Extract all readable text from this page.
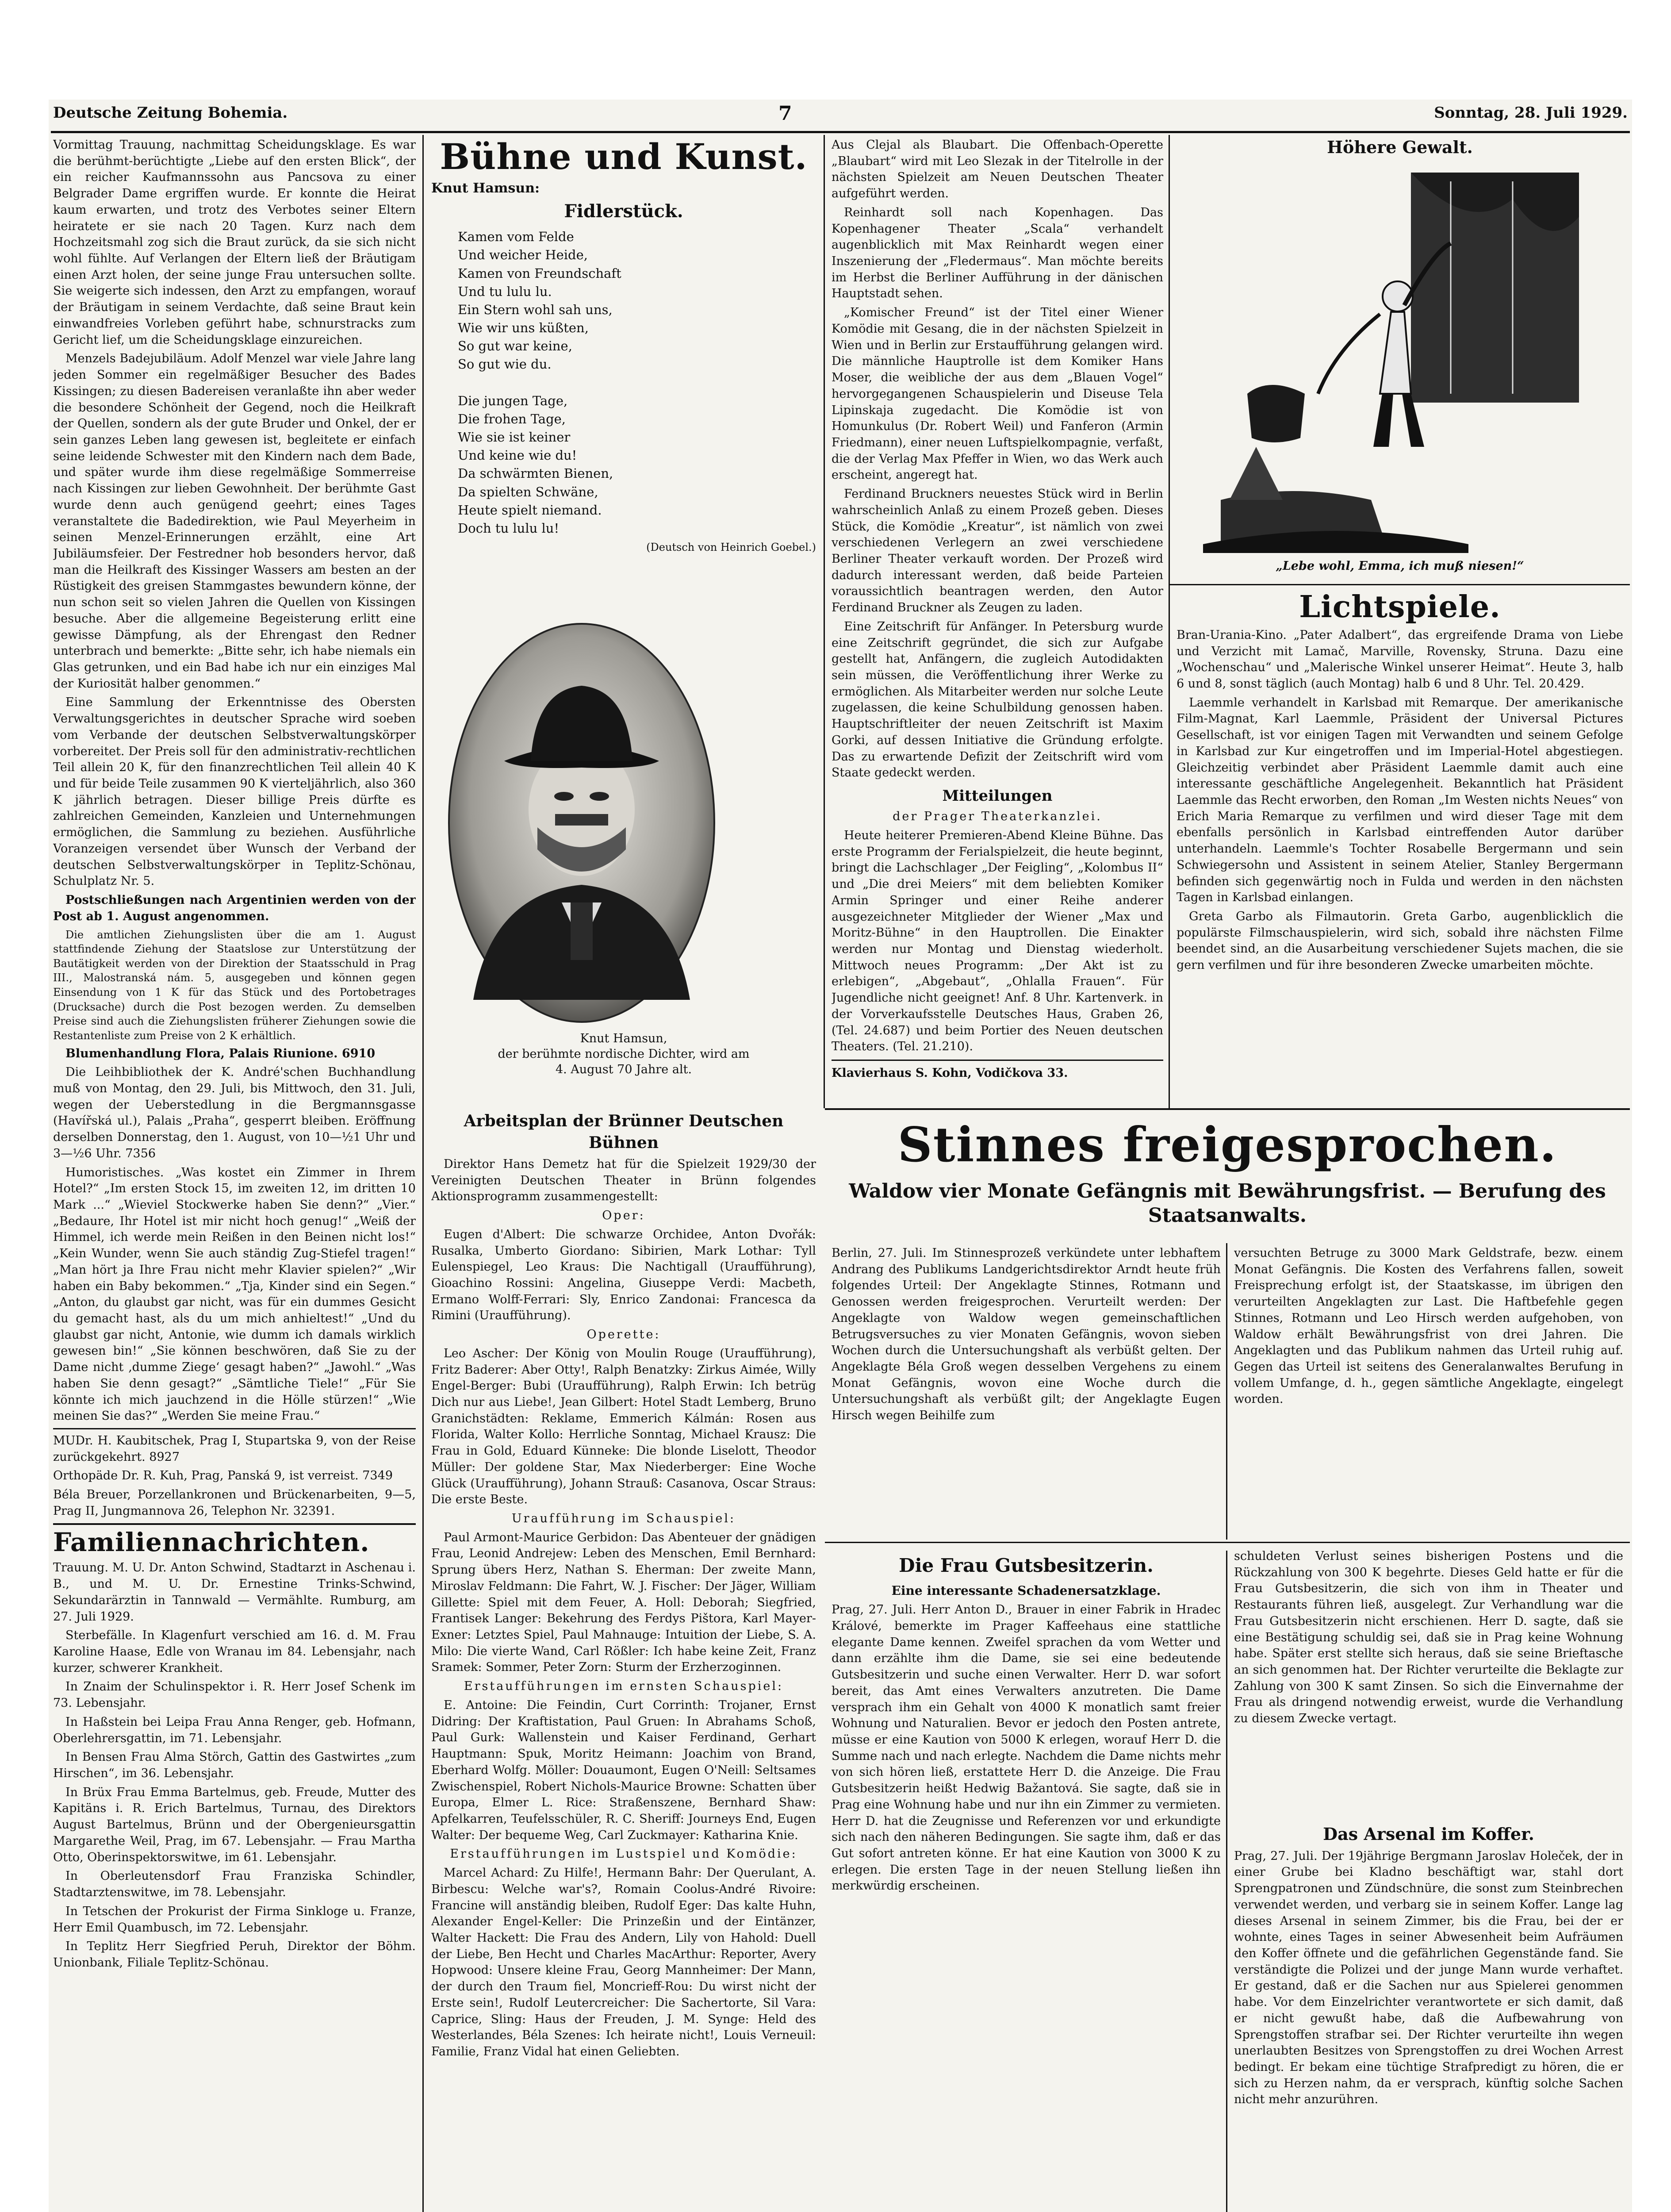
Deutsche Zeitung Bohemia.	7	Sonntag, 28. Juli 1929.

Vormittag Trauung, nachmittag Scheidungsklage. Es war die berühmt-berüchtigte „Liebe auf den ersten Blick“, der ein reicher Kaufmannssohn aus Pancsova zu einer Belgrader Dame ergriffen wurde. Er konnte die Heirat kaum erwarten, und trotz des Verbotes seiner Eltern heiratete er sie nach 20 Tagen. Kurz nach dem Hochzeitsmahl zog sich die Braut zurück, da sie sich nicht wohl fühlte. Auf Verlangen der Eltern ließ der Bräutigam einen Arzt holen, der seine junge Frau untersuchen sollte. Sie weigerte sich indessen, den Arzt zu empfangen, worauf der Bräutigam in seinem Verdachte, daß seine Braut kein einwandfreies Vorleben geführt habe, schnurstracks zum Gericht lief, um die Scheidungsklage einzureichen.

Menzels Badejubiläum. Adolf Menzel war viele Jahre lang jeden Sommer ein regelmäßiger Besucher des Bades Kissingen; zu diesen Badereisen veranlaßte ihn aber weder die besondere Schönheit der Gegend, noch die Heilkraft der Quellen, sondern als der gute Bruder und Onkel, der er sein ganzes Leben lang gewesen ist, begleitete er einfach seine leidende Schwester mit den Kindern nach dem Bade, und später wurde ihm diese regelmäßige Sommerreise nach Kissingen zur lieben Gewohnheit. Der berühmte Gast wurde denn auch genügend geehrt; eines Tages veranstaltete die Badedirektion, wie Paul Meyerheim in seinen Menzel-Erinnerungen erzählt, eine Art Jubiläumsfeier. Der Festredner hob besonders hervor, daß man die Heilkraft des Kissinger Wassers am besten an der Rüstigkeit des greisen Stammgastes bewundern könne, der nun schon seit so vielen Jahren die Quellen von Kissingen besuche. Aber die allgemeine Begeisterung erlitt eine gewisse Dämpfung, als der Ehrengast den Redner unterbrach und bemerkte: „Bitte sehr, ich habe niemals ein Glas getrunken, und ein Bad habe ich nur ein einziges Mal der Kuriosität halber genommen.“

Eine Sammlung der Erkenntnisse des Obersten Verwaltungsgerichtes in deutscher Sprache wird soeben vom Verbande der deutschen Selbstverwaltungskörper vorbereitet. Der Preis soll für den administrativ-rechtlichen Teil allein 20 K, für den finanzrechtlichen Teil allein 40 K und für beide Teile zusammen 90 K vierteljährlich, also 360 K jährlich betragen. Dieser billige Preis dürfte es zahlreichen Gemeinden, Kanzleien und Unternehmungen ermöglichen, die Sammlung zu beziehen. Ausführliche Voranzeigen versendet über Wunsch der Verband der deutschen Selbstverwaltungskörper in Teplitz-Schönau, Schulplatz Nr. 5.

Postschließungen nach Argentinien werden von der Post ab 1. August angenommen.

Die amtlichen Ziehungslisten über die am 1. August stattfindende Ziehung der Staatslose zur Unterstützung der Bautätigkeit werden von der Direktion der Staatsschuld in Prag III., Malostranská nám. 5, ausgegeben und können gegen Einsendung von 1 K für das Stück und des Portobetrages (Drucksache) durch die Post bezogen werden. Zu demselben Preise sind auch die Ziehungslisten früherer Ziehungen sowie die Restantenliste zum Preise von 2 K erhältlich.

Blumenhandlung Flora, Palais Riunione. 6910

Die Leihbibliothek der K. André'schen Buchhandlung muß von Montag, den 29. Juli, bis Mittwoch, den 31. Juli, wegen der Ueberstedlung in die Bergmannsgasse (Havířská ul.), Palais „Praha“, gesperrt bleiben. Eröffnung derselben Donnerstag, den 1. August, von 10—½1 Uhr und 3—½6 Uhr. 7356

Humoristisches. „Was kostet ein Zimmer in Ihrem Hotel?“ „Im ersten Stock 15, im zweiten 12, im dritten 10 Mark ...“ „Wieviel Stockwerke haben Sie denn?“ „Vier.“ „Bedaure, Ihr Hotel ist mir nicht hoch genug!“ „Weiß der Himmel, ich werde mein Reißen in den Beinen nicht los!“ „Kein Wunder, wenn Sie auch ständig Zug-Stiefel tragen!“ „Man hört ja Ihre Frau nicht mehr Klavier spielen?“ „Wir haben ein Baby bekommen.“ „Tja, Kinder sind ein Segen.“ „Anton, du glaubst gar nicht, was für ein dummes Gesicht du gemacht hast, als du um mich anhieltest!“ „Und du glaubst gar nicht, Antonie, wie dumm ich damals wirklich gewesen bin!“ „Sie können beschwören, daß Sie zu der Dame nicht ‚dumme Ziege‘ gesagt haben?“ „Jawohl.“ „Was haben Sie denn gesagt?“ „Sämtliche Tiele!“ „Für Sie könnte ich mich jauchzend in die Hölle stürzen!“ „Wie meinen Sie das?“ „Werden Sie meine Frau.“

MUDr. H. Kaubitschek, Prag I, Stupartska 9, von der Reise zurückgekehrt. 8927

Orthopäde Dr. R. Kuh, Prag, Panská 9, ist verreist. 7349

Béla Breuer, Porzellankronen und Brückenarbeiten, 9—5, Prag II, Jungmannova 26, Telephon Nr. 32391.

Familiennachrichten.

Trauung. M. U. Dr. Anton Schwind, Stadtarzt in Aschenau i. B., und M. U. Dr. Ernestine Trinks-Schwind, Sekundarärztin in Tannwald — Vermählte. Rumburg, am 27. Juli 1929.

Sterbefälle. In Klagenfurt verschied am 16. d. M. Frau Karoline Haase, Edle von Wranau im 84. Lebensjahr, nach kurzer, schwerer Krankheit.

In Znaim der Schulinspektor i. R. Herr Josef Schenk im 73. Lebensjahr.

In Haßstein bei Leipa Frau Anna Renger, geb. Hofmann, Oberlehrersgattin, im 71. Lebensjahr.

In Bensen Frau Alma Störch, Gattin des Gastwirtes „zum Hirschen“, im 36. Lebensjahr.

In Brüx Frau Emma Bartelmus, geb. Freude, Mutter des Kapitäns i. R. Erich Bartelmus, Turnau, des Direktors August Bartelmus, Brünn und der Obergenieursgattin Margarethe Weil, Prag, im 67. Lebensjahr. — Frau Martha Otto, Oberinspektorswitwe, im 61. Lebensjahr.

In Oberleutensdorf Frau Franziska Schindler, Stadtarztenswitwe, im 78. Lebensjahr.

In Tetschen der Prokurist der Firma Sinkloge u. Franze, Herr Emil Quambusch, im 72. Lebensjahr.

In Teplitz Herr Siegfried Peruh, Direktor der Böhm. Unionbank, Filiale Teplitz-Schönau.

Bühne und Kunst.
Knut Hamsun:
Fidlerstück.
Kamen vom Felde
Und weicher Heide,
Kamen von Freundschaft
Und tu lulu lu.
Ein Stern wohl sah uns,
Wie wir uns küßten,
So gut war keine,
So gut wie du.

Die jungen Tage,
Die frohen Tage,
Wie sie ist keiner
Und keine wie du!
Da schwärmten Bienen,
Da spielten Schwäne,
Heute spielt niemand.
Doch tu lulu lu!
(Deutsch von Heinrich Goebel.)
Knut Hamsun,
der berühmte nordische Dichter, wird am
4. August 70 Jahre alt.
Arbeitsplan der Brünner Deutschen Bühnen

Direktor Hans Demetz hat für die Spielzeit 1929/30 der Vereinigten Deutschen Theater in Brünn folgendes Aktionsprogramm zusammengestellt:

Oper:

Eugen d'Albert: Die schwarze Orchidee, Anton Dvořák: Rusalka, Umberto Giordano: Sibirien, Mark Lothar: Tyll Eulenspiegel, Leo Kraus: Die Nachtigall (Uraufführung), Gioachino Rossini: Angelina, Giuseppe Verdi: Macbeth, Ermano Wolff-Ferrari: Sly, Enrico Zandonai: Francesca da Rimini (Uraufführung).

Operette:

Leo Ascher: Der König von Moulin Rouge (Uraufführung), Fritz Baderer: Aber Otty!, Ralph Benatzky: Zirkus Aimée, Willy Engel-Berger: Bubi (Uraufführung), Ralph Erwin: Ich betrüg Dich nur aus Liebe!, Jean Gilbert: Hotel Stadt Lemberg, Bruno Granichstädten: Reklame, Emmerich Kálmán: Rosen aus Florida, Walter Kollo: Herrliche Sonntag, Michael Krausz: Die Frau in Gold, Eduard Künneke: Die blonde Liselott, Theodor Müller: Der goldene Star, Max Niederberger: Eine Woche Glück (Uraufführung), Johann Strauß: Casanova, Oscar Straus: Die erste Beste.

Uraufführung im Schauspiel:

Paul Armont-Maurice Gerbidon: Das Abenteuer der gnädigen Frau, Leonid Andrejew: Leben des Menschen, Emil Bernhard: Sprung übers Herz, Nathan S. Eherman: Der zweite Mann, Miroslav Feldmann: Die Fahrt, W. J. Fischer: Der Jäger, William Gillette: Spiel mit dem Feuer, A. Holl: Deborah; Siegfried, Frantisek Langer: Bekehrung des Ferdys Pištora, Karl Mayer-Exner: Letztes Spiel, Paul Mahnauge: Intuition der Liebe, S. A. Milo: Die vierte Wand, Carl Rößler: Ich habe keine Zeit, Franz Sramek: Sommer, Peter Zorn: Sturm der Erzherzoginnen.

Erstaufführungen im ernsten Schauspiel:

E. Antoine: Die Feindin, Curt Corrinth: Trojaner, Ernst Didring: Der Kraftistation, Paul Gruen: In Abrahams Schoß, Paul Gurk: Wallenstein und Kaiser Ferdinand, Gerhart Hauptmann: Spuk, Moritz Heimann: Joachim von Brand, Eberhard Wolfg. Möller: Douaumont, Eugen O'Neill: Seltsames Zwischenspiel, Robert Nichols-Maurice Browne: Schatten über Europa, Elmer L. Rice: Straßenszene, Bernhard Shaw: Apfelkarren, Teufelsschüler, R. C. Sheriff: Journeys End, Eugen Walter: Der bequeme Weg, Carl Zuckmayer: Katharina Knie.

Erstaufführungen im Lustspiel und Komödie:

Marcel Achard: Zu Hilfe!, Hermann Bahr: Der Querulant, A. Birbescu: Welche war's?, Romain Coolus-André Rivoire: Francine will anständig bleiben, Rudolf Eger: Das kalte Huhn, Alexander Engel-Keller: Die Prinzeßin und der Eintänzer, Walter Hackett: Die Frau des Andern, Lily von Hahold: Duell der Liebe, Ben Hecht und Charles MacArthur: Reporter, Avery Hopwood: Unsere kleine Frau, Georg Mannheimer: Der Mann, der durch den Traum fiel, Moncrieff-Rou: Du wirst nicht der Erste sein!, Rudolf Leutercreicher: Die Sachertorte, Sil Vara: Caprice, Sling: Haus der Freuden, J. M. Synge: Held des Westerlandes, Béla Szenes: Ich heirate nicht!, Louis Verneuil: Familie, Franz Vidal hat einen Geliebten.

Aus Clejal als Blaubart. Die Offenbach-Operette „Blaubart“ wird mit Leo Slezak in der Titelrolle in der nächsten Spielzeit am Neuen Deutschen Theater aufgeführt werden.

Reinhardt soll nach Kopenhagen. Das Kopenhagener Theater „Scala“ verhandelt augenblicklich mit Max Reinhardt wegen einer Inszenierung der „Fledermaus“. Man möchte bereits im Herbst die Berliner Aufführung in der dänischen Hauptstadt sehen.

„Komischer Freund“ ist der Titel einer Wiener Komödie mit Gesang, die in der nächsten Spielzeit in Wien und in Berlin zur Erstaufführung gelangen wird. Die männliche Hauptrolle ist dem Komiker Hans Moser, die weibliche der aus dem „Blauen Vogel“ hervorgegangenen Schauspielerin und Diseuse Tela Lipinskaja zugedacht. Die Komödie ist von Homunkulus (Dr. Robert Weil) und Fanferon (Armin Friedmann), einer neuen Luftspielkompagnie, verfaßt, die der Verlag Max Pfeffer in Wien, wo das Werk auch erscheint, angeregt hat.

Ferdinand Bruckners neuestes Stück wird in Berlin wahrscheinlich Anlaß zu einem Prozeß geben. Dieses Stück, die Komödie „Kreatur“, ist nämlich von zwei verschiedenen Verlegern an zwei verschiedene Berliner Theater verkauft worden. Der Prozeß wird dadurch interessant werden, daß beide Parteien voraussichtlich beantragen werden, den Autor Ferdinand Bruckner als Zeugen zu laden.

Eine Zeitschrift für Anfänger. In Petersburg wurde eine Zeitschrift gegründet, die sich zur Aufgabe gestellt hat, Anfängern, die zugleich Autodidakten sein müssen, die Veröffentlichung ihrer Werke zu ermöglichen. Als Mitarbeiter werden nur solche Leute zugelassen, die keine Schulbildung genossen haben. Hauptschriftleiter der neuen Zeitschrift ist Maxim Gorki, auf dessen Initiative die Gründung erfolgte. Das zu erwartende Defizit der Zeitschrift wird vom Staate gedeckt werden.

Mitteilungen
der Prager Theaterkanzlei.

Heute heiterer Premieren-Abend Kleine Bühne. Das erste Programm der Ferialspielzeit, die heute beginnt, bringt die Lachschlager „Der Feigling“, „Kolombus II“ und „Die drei Meiers“ mit dem beliebten Komiker Armin Springer und einer Reihe anderer ausgezeichneter Mitglieder der Wiener „Max und Moritz-Bühne“ in den Hauptrollen. Die Einakter werden nur Montag und Dienstag wiederholt. Mittwoch neues Programm: „Der Akt ist zu erlebigen“, „Abgebaut“, „Ohlalla Frauen“. Für Jugendliche nicht geeignet! Anf. 8 Uhr. Kartenverk. in der Vorverkaufsstelle Deutsches Haus, Graben 26, (Tel. 24.687) und beim Portier des Neuen deutschen Theaters. (Tel. 21.210).

Klavierhaus S. Kohn, Vodičkova 33.

Höhere Gewalt.
„Lebe wohl, Emma, ich muß niesen!“
Lichtspiele.

Bran-Urania-Kino. „Pater Adalbert“, das ergreifende Drama von Liebe und Verzicht mit Lamač, Marville, Rovensky, Struna. Dazu eine „Wochenschau“ und „Malerische Winkel unserer Heimat“. Heute 3, halb 6 und 8, sonst täglich (auch Montag) halb 6 und 8 Uhr. Tel. 20.429.

Laemmle verhandelt in Karlsbad mit Remarque. Der amerikanische Film-Magnat, Karl Laemmle, Präsident der Universal Pictures Gesellschaft, ist vor einigen Tagen mit Verwandten und seinem Gefolge in Karlsbad zur Kur eingetroffen und im Imperial-Hotel abgestiegen. Gleichzeitig verbindet aber Präsident Laemmle damit auch eine interessante geschäftliche Angelegenheit. Bekanntlich hat Präsident Laemmle das Recht erworben, den Roman „Im Westen nichts Neues“ von Erich Maria Remarque zu verfilmen und wird dieser Tage mit dem ebenfalls persönlich in Karlsbad eintreffenden Autor darüber unterhandeln. Laemmle's Tochter Rosabelle Bergermann und sein Schwiegersohn und Assistent in seinem Atelier, Stanley Bergermann befinden sich gegenwärtig noch in Fulda und werden in den nächsten Tagen in Karlsbad einlangen.

Greta Garbo als Filmautorin. Greta Garbo, augenblicklich die populärste Filmschauspielerin, wird sich, sobald ihre nächsten Filme beendet sind, an die Ausarbeitung verschiedener Sujets machen, die sie gern verfilmen und für ihre besonderen Zwecke umarbeiten möchte.

Stinnes freigesprochen.
Waldow vier Monate Gefängnis mit Bewährungsfrist. — Berufung des Staatsanwalts.

Berlin, 27. Juli. Im Stinnesprozeß verkündete unter lebhaftem Andrang des Publikums Landgerichtsdirektor Arndt heute früh folgendes Urteil: Der Angeklagte Stinnes, Rotmann und Genossen werden freigesprochen. Verurteilt werden: Der Angeklagte von Waldow wegen gemeinschaftlichen Betrugsversuches zu vier Monaten Gefängnis, wovon sieben Wochen durch die Untersuchungshaft als verbüßt gelten. Der Angeklagte Béla Groß wegen desselben Vergehens zu einem Monat Gefängnis, wovon eine Woche durch die Untersuchungshaft als verbüßt gilt; der Angeklagte Eugen Hirsch wegen Beihilfe zum

versuchten Betruge zu 3000 Mark Geldstrafe, bezw. einem Monat Gefängnis. Die Kosten des Verfahrens fallen, soweit Freisprechung erfolgt ist, der Staatskasse, im übrigen den verurteilten Angeklagten zur Last. Die Haftbefehle gegen Stinnes, Rotmann und Leo Hirsch werden aufgehoben, von Waldow erhält Bewährungsfrist von drei Jahren. Die Angeklagten und das Publikum nahmen das Urteil ruhig auf. Gegen das Urteil ist seitens des Generalanwaltes Berufung in vollem Umfange, d. h., gegen sämtliche Angeklagte, eingelegt worden.

Die Frau Gutsbesitzerin.
Eine interessante Schadenersatzklage.

Prag, 27. Juli. Herr Anton D., Brauer in einer Fabrik in Hradec Králové, bemerkte im Prager Kaffeehaus eine stattliche elegante Dame kennen. Zweifel sprachen da vom Wetter und dann erzählte ihm die Dame, sie sei eine bedeutende Gutsbesitzerin und suche einen Verwalter. Herr D. war sofort bereit, das Amt eines Verwalters anzutreten. Die Dame versprach ihm ein Gehalt von 4000 K monatlich samt freier Wohnung und Naturalien. Bevor er jedoch den Posten antrete, müsse er eine Kaution von 5000 K erlegen, worauf Herr D. die Summe nach und nach erlegte. Nachdem die Dame nichts mehr von sich hören ließ, erstattete Herr D. die Anzeige. Die Frau Gutsbesitzerin heißt Hedwig Bažantová. Sie sagte, daß sie in Prag eine Wohnung habe und nur ihn ein Zimmer zu vermieten. Herr D. hat die Zeugnisse und Referenzen vor und erkundigte sich nach den näheren Bedingungen. Sie sagte ihm, daß er das Gut sofort antreten könne. Er hat eine Kaution von 3000 K zu erlegen. Die ersten Tage in der neuen Stellung ließen ihn merkwürdig erscheinen.

schuldeten Verlust seines bisherigen Postens und die Rückzahlung von 300 K begehrte. Dieses Geld hatte er für die Frau Gutsbesitzerin, die sich von ihm in Theater und Restaurants führen ließ, ausgelegt. Zur Verhandlung war die Frau Gutsbesitzerin nicht erschienen. Herr D. sagte, daß sie eine Bestätigung schuldig sei, daß sie in Prag keine Wohnung habe. Später erst stellte sich heraus, daß sie seine Brieftasche an sich genommen hat. Der Richter verurteilte die Beklagte zur Zahlung von 300 K samt Zinsen. So sich die Einvernahme der Frau als dringend notwendig erweist, wurde die Verhandlung zu diesem Zwecke vertagt.

Das Arsenal im Koffer.

Prag, 27. Juli. Der 19jährige Bergmann Jaroslav Holeček, der in einer Grube bei Kladno beschäftigt war, stahl dort Sprengpatronen und Zündschnüre, die sonst zum Steinbrechen verwendet werden, und verbarg sie in seinem Koffer. Lange lag dieses Arsenal in seinem Zimmer, bis die Frau, bei der er wohnte, eines Tages in seiner Abwesenheit beim Aufräumen den Koffer öffnete und die gefährlichen Gegenstände fand. Sie verständigte die Polizei und der junge Mann wurde verhaftet. Er gestand, daß er die Sachen nur aus Spielerei genommen habe. Vor dem Einzelrichter verantwortete er sich damit, daß er nicht gewußt habe, daß die Aufbewahrung von Sprengstoffen strafbar sei. Der Richter verurteilte ihn wegen unerlaubten Besitzes von Sprengstoffen zu drei Wochen Arrest bedingt. Er bekam eine tüchtige Strafpredigt zu hören, die er sich zu Herzen nahm, da er versprach, künftig solche Sachen nicht mehr anzurühren.
